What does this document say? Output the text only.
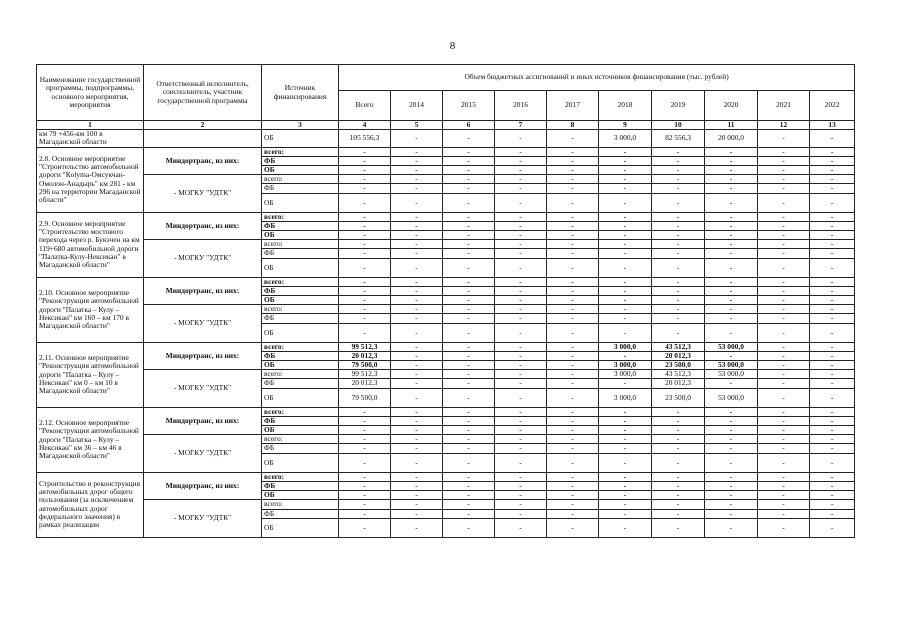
8
Наименование государственной программы, подпрограммы, основного мероприятия, мероприятия	Ответственный исполнитель, соисполнитель, участник государственной программы	Источник финансирования	Объем бюджетных ассигнований и иных источников финансирования (тыс. рублей)									
			Всего	2014	2015	2016	2017	2018	2019	2020	2021	2022
1	2	3	4	5	6	7	8	9	10	11	12	13
км 79 +456-км 100 в Магаданской области		ОБ	105 556,3	-	-	-	-	3 000,0	82 556,3	20 000,0	-	-
2.8. Основное мероприятие "Строительство автомобильной дороги "Кolyma-Омсукчан-Омолон-Анадырь" км 281 - км 296 на территории Магаданской области"	Миндортранс, из них:	всего:	-	-	-	-	-	-	-	-	-	-
		ФБ	-	-	-	-	-	-	-	-	-	-
		ОБ	-	-	-	-	-	-	-	-	-	-
	- МОГКУ "УДТК"	всего:	-	-	-	-	-	-	-	-	-	-
		ФБ	-	-	-	-	-	-	-	-	-	-
		ОБ	-	-	-	-	-	-	-	-	-	-
2.9. Основное мероприятие "Строительство мостового перехода через р. Букэчен на км 119+680 автомобильной дороги "Палатка-Кулу-Нексикан" в Магаданской области"	Миндортранс, из них:	всего:	-	-	-	-	-	-	-	-	-	-
		ФБ	-	-	-	-	-	-	-	-	-	-
		ОБ	-	-	-	-	-	-	-	-	-	-
	- МОГКУ "УДТК"	всего:	-	-	-	-	-	-	-	-	-	-
		ФБ	-	-	-	-	-	-	-	-	-	-
		ОБ	-	-	-	-	-	-	-	-	-	-
2.10. Основное мероприятие "Реконструкция автомобильной дороги "Палатка – Кулу – Нексикан" км 160 – км 170 в Магаданской области"	Миндортранс, из них:	всего:	-	-	-	-	-	-	-	-	-	-
		ФБ	-	-	-	-	-	-	-	-	-	-
		ОБ	-	-	-	-	-	-	-	-	-	-
	- МОГКУ "УДТК"	всего:	-	-	-	-	-	-	-	-	-	-
		ФБ	-	-	-	-	-	-	-	-	-	-
		ОБ	-	-	-	-	-	-	-	-	-	-
2.11. Основное мероприятие "Реконструкция автомобильной дороги "Палатка – Кулу – Нексикан" км 0 – км 10 в Магаданской области"	Миндортранс, из них:	всего:	99 512,3	-	-	-	-	3 000,0	43 512,3	53 000,0	-	-
		ФБ	20 012,3	-	-	-	-	-	20 012,3	-	-	-
		ОБ	79 500,0	-	-	-	-	3 000,0	23 500,0	53 000,0	-	-
	- МОГКУ "УДТК"	всего:	99 512,3	-	-	-	-	3 000,0	43 512,3	53 000,0	-	-
		ФБ	20 012,3	-	-	-	-	-	20 012,3	-	-	-
		ОБ	79 500,0	-	-	-	-	3 000,0	23 500,0	53 000,0	-	-
2.12. Основное мероприятие "Реконструкция автомобильной дороги "Палатка – Кулу – Нексикан" км 36 – км 46 в Магаданской области"	Миндортранс, из них:	всего:	-	-	-	-	-	-	-	-	-	-
		ФБ	-	-	-	-	-	-	-	-	-	-
		ОБ	-	-	-	-	-	-	-	-	-	-
	- МОГКУ "УДТК"	всего:	-	-	-	-	-	-	-	-	-	-
		ФБ	-	-	-	-	-	-	-	-	-	-
		ОБ	-	-	-	-	-	-	-	-	-	-
Строительство и реконструкция автомобильных дорог общего пользования (за исключением автомобильных дорог федерального значения) в рамках реализации	Миндортранс, из них:	всего:	-	-	-	-	-	-	-	-	-	-
		ФБ	-	-	-	-	-	-	-	-	-	-
		ОБ	-	-	-	-	-	-	-	-	-	-
	- МОГКУ "УДТК"	всего:	-	-	-	-	-	-	-	-	-	-
		ФБ	-	-	-	-	-	-	-	-	-	-
		ОБ	-	-	-	-	-	-	-	-	-	-
